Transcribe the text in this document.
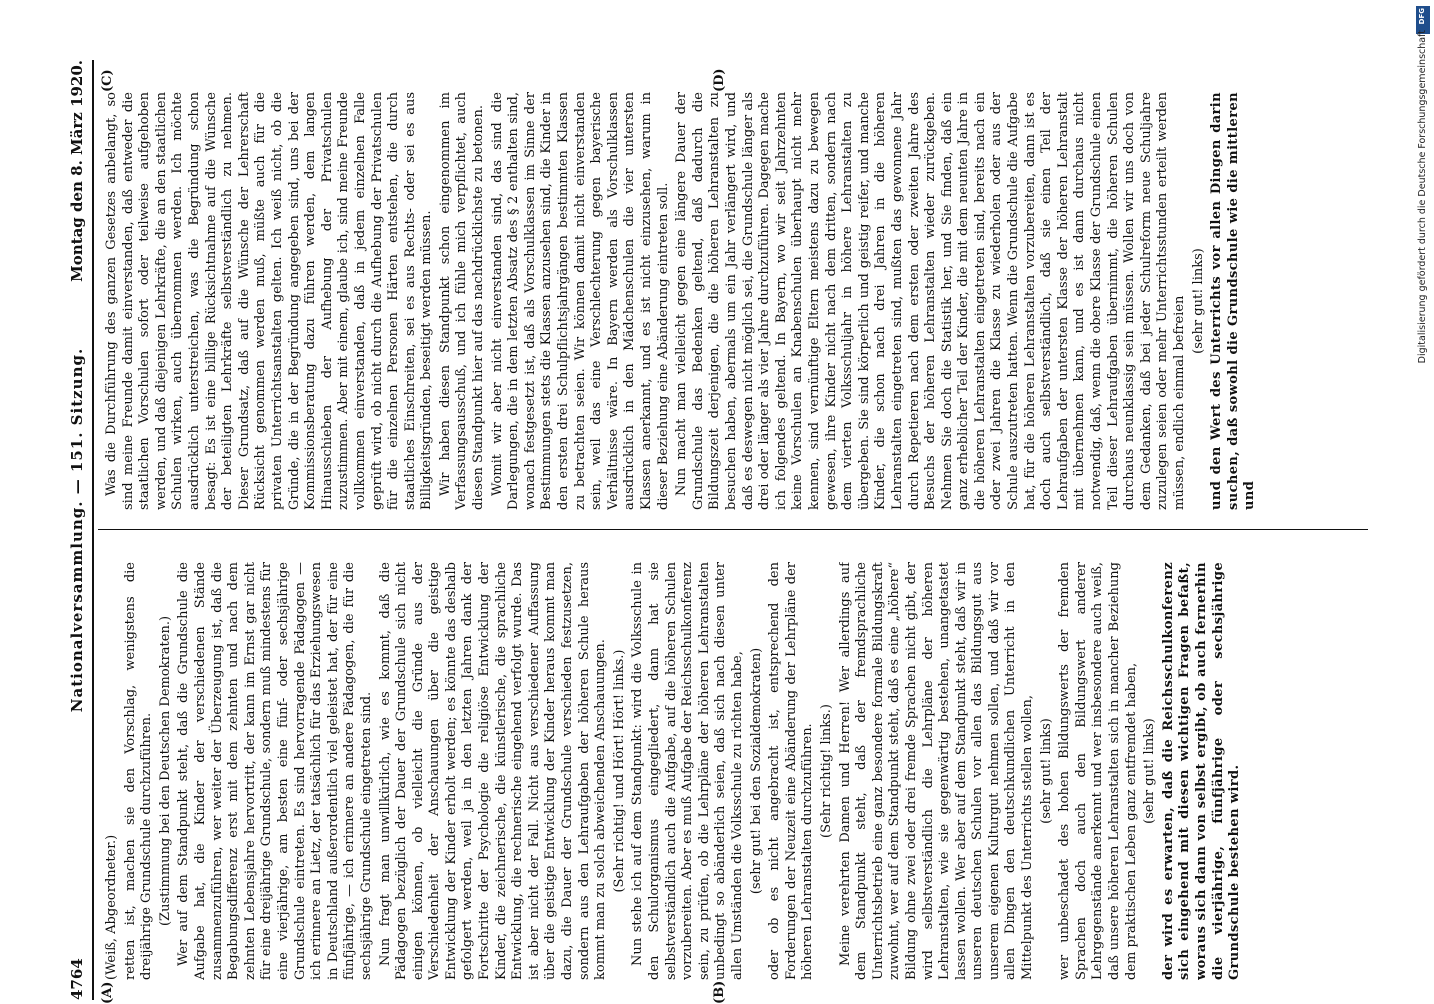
4764
Nationalversammlung. — 151. Sitzung.
Montag den 8. März 1920.
(A)	(B)
(C)	(D)

(Weiß, Abgeordneter.) retten ist, machen sie den Vorschlag, wenigstens die dreijährige Grundschule durchzuführen. (Zustimmung bei den Deutschen Demokraten.) Wer auf dem Standpunkt steht, daß die Grundschule die Aufgabe hat, die Kinder der verschiedenen Stände zusammenzuführen, wer weiter der Überzeugung ist, daß die Begabungsdifferenz erst mit dem zehnten und nach dem zehnten Lebensjahre hervortritt, der kann im Ernst gar nicht für eine dreijährige Grundschule, sondern muß mindestens für eine vierjährige, am besten eine fünf- oder sechsjährige Grundschule eintreten. Es sind hervorragende Pädagogen — ich erinnere an Lietz, der tatsächlich für das Erziehungswesen in Deutschland außerordentlich viel geleistet hat, der für eine fünfjährige, — ich erinnere an andere Pädagogen, die für die sechsjährige Grundschule eingetreten sind. Nun fragt man unwillkürlich, wie es kommt, daß die Pädagogen bezüglich der Dauer der Grundschule sich nicht einigen können, ob vielleicht die Gründe aus der Verschiedenheit der Anschauungen über die geistige Entwicklung der Kinder erholt werden; es könnte das deshalb gefolgert werden, weil ja in den letzten Jahren dank der Fortschritte der Psychologie die religiöse Entwicklung der Kinder, die zeichnerische, die künstlerische, die sprachliche Entwicklung, die rechnerische eingehend verfolgt wurde. Das ist aber nicht der Fall. Nicht aus verschiedener Auffassung über die geistige Entwicklung der Kinder heraus kommt man dazu, die Dauer der Grundschule verschieden festzusetzen, sondern aus den Lehraufgaben der höheren Schule heraus kommt man zu solch abweichenden Anschauungen. (Sehr richtig! und Hört! Hört! links.) Nun stehe ich auf dem Standpunkt: wird die Volksschule in den Schulorganismus eingegliedert, dann hat sie selbstverständlich auch die Aufgabe, auf die höheren Schulen vorzubereiten. Aber es muß Aufgabe der Reichsschulkonferenz sein, zu prüfen, ob die Lehrpläne der höheren Lehranstalten unbedingt so abänderlich seien, daß sich nach diesen unter allen Umständen die Volksschule zu richten habe, (sehr gut! bei den Sozialdemokraten) oder ob es nicht angebracht ist, entsprechend den Forderungen der Neuzeit eine Abänderung der Lehrpläne der höheren Lehranstalten durchzuführen. (Sehr richtig! links.) Meine verehrten Damen und Herren! Wer allerdings auf dem Standpunkt steht, daß der fremdsprachliche Unterrichtsbetrieb eine ganz besondere formale Bildungskraft zuwohnt, wer auf dem Standpunkt steht, daß es eine „höhere“ Bildung ohne zwei oder drei fremde Sprachen nicht gibt, der wird selbstverständlich die Lehrpläne der höheren Lehranstalten, wie sie gegenwärtig bestehen, unangetastet lassen wollen. Wer aber auf dem Standpunkt steht, daß wir in unseren deutschen Schulen vor allen das Bildungsgut aus unserem eigenen Kulturgut nehmen sollen, und daß wir vor allen Dingen den deutschkundlichen Unterricht in den Mittelpunkt des Unterrichts stellen wollen, (sehr gut! links) wer unbeschadet des hohen Bildungswerts der fremden Sprachen doch auch den Bildungswert anderer Lehrgegenstände anerkennt und wer insbesondere auch weiß, daß unsere höheren Lehranstalten sich in mancher Beziehung dem praktischen Leben ganz entfremdet haben, (sehr gut! links) der wird es erwarten, daß die Reichsschulkonferenz sich eingehend mit diesen wichtigen Fragen befaßt, woraus sich dann von selbst ergibt, ob auch fernerhin die vierjährige, fünfjährige oder sechsjährige Grundschule bestehen wird.

Was die Durchführung des ganzen Gesetzes anbelangt, so sind meine Freunde damit einverstanden, daß entweder die staatlichen Vorschulen sofort oder teilweise aufgehoben werden, und daß diejenigen Lehrkräfte, die an den staatlichen Schulen wirken, auch übernommen werden. Ich möchte ausdrücklich unterstreichen, was die Begründung schon besagt: Es ist eine billige Rücksichtnahme auf die Wünsche der beteiligten Lehrkräfte selbstverständlich zu nehmen. Dieser Grundsatz, daß auf die Wünsche der Lehrerschaft Rücksicht genommen werden muß, müßte auch für die privaten Unterrichtsanstalten gelten. Ich weiß nicht, ob die Gründe, die in der Begründung angegeben sind, uns bei der Kommissionsberatung dazu führen werden, dem langen Hinausschieben der Aufhebung der Privatschulen zuzustimmen. Aber mit einem, glaube ich, sind meine Freunde vollkommen einverstanden, daß in jedem einzelnen Falle geprüft wird, ob nicht durch die Aufhebung der Privatschulen für die einzelnen Personen Härten entstehen, die durch staatliches Einschreiten, sei es aus Rechts- oder sei es aus Billigkeitsgründen, beseitigt werden müssen. Wir haben diesen Standpunkt schon eingenommen im Verfassungsausschuß, und ich fühle mich verpflichtet, auch diesen Standpunkt hier auf das nachdrücklichste zu betonen. Womit wir aber nicht einverstanden sind, das sind die Darlegungen, die in dem letzten Absatz des § 2 enthalten sind, wonach festgesetzt ist, daß als Vorschulklassen im Sinne der Bestimmungen stets die Klassen anzusehen sind, die Kinder in den ersten drei Schulpflichtsjahrgängen bestimmten Klassen zu betrachten seien. Wir können damit nicht einverstanden sein, weil das eine Verschlechterung gegen bayerische Verhältnisse wäre. In Bayern werden als Vorschulklassen ausdrücklich in den Mädchenschulen die vier untersten Klassen anerkannt, und es ist nicht einzusehen, warum in dieser Beziehung eine Abänderung eintreten soll. Nun macht man vielleicht gegen eine längere Dauer der Grundschule das Bedenken geltend, daß dadurch die Bildungszeit derjenigen, die die höheren Lehranstalten zu besuchen haben, abermals um ein Jahr verlängert wird, und daß es deswegen nicht möglich sei, die Grundschule länger als drei oder länger als vier Jahre durchzuführen. Dagegen mache ich folgendes geltend. In Bayern, wo wir seit Jahrzehnten keine Vorschulen an Knabenschulen überhaupt nicht mehr kennen, sind vernünftige Eltern meistens dazu zu bewegen gewesen, ihre Kinder nicht nach dem dritten, sondern nach dem vierten Volksschuljahr in höhere Lehranstalten zu übergeben. Sie sind körperlich und geistig reifer, und manche Kinder, die schon nach drei Jahren in die höheren Lehranstalten eingetreten sind, mußten das gewonnene Jahr durch Repetieren nach dem ersten oder zweiten Jahre des Besuchs der höheren Lehranstalten wieder zurückgeben. Nehmen Sie doch die Statistik her, und Sie finden, daß ein ganz erheblicher Teil der Kinder, die mit dem neunten Jahre in die höheren Lehranstalten eingetreten sind, bereits nach ein oder zwei Jahren die Klasse zu wiederholen oder aus der Schule auszutreten hatten. Wenn die Grundschule die Aufgabe hat, für die höheren Lehranstalten vorzubereiten, dann ist es doch auch selbstverständlich, daß sie einen Teil der Lehraufgaben der untersten Klasse der höheren Lehranstalt mit übernehmen kann, und es ist dann durchaus nicht notwendig, daß, wenn die obere Klasse der Grundschule einen Teil dieser Lehraufgaben übernimmt, die höheren Schulen durchaus neunklassig sein müssen. Wollen wir uns doch von dem Gedanken, daß bei jeder Schulreform neue Schuljahre zuzulegen seien oder mehr Unterrichtsstunden erteilt werden müssen, endlich einmal befreien (sehr gut! links) und den Wert des Unterrichts vor allen Dingen darin suchen, daß sowohl die Grundschule wie die mittleren und

DFG
Digitalisierung gefördert durch die Deutsche Forschungsgemeinschaft
